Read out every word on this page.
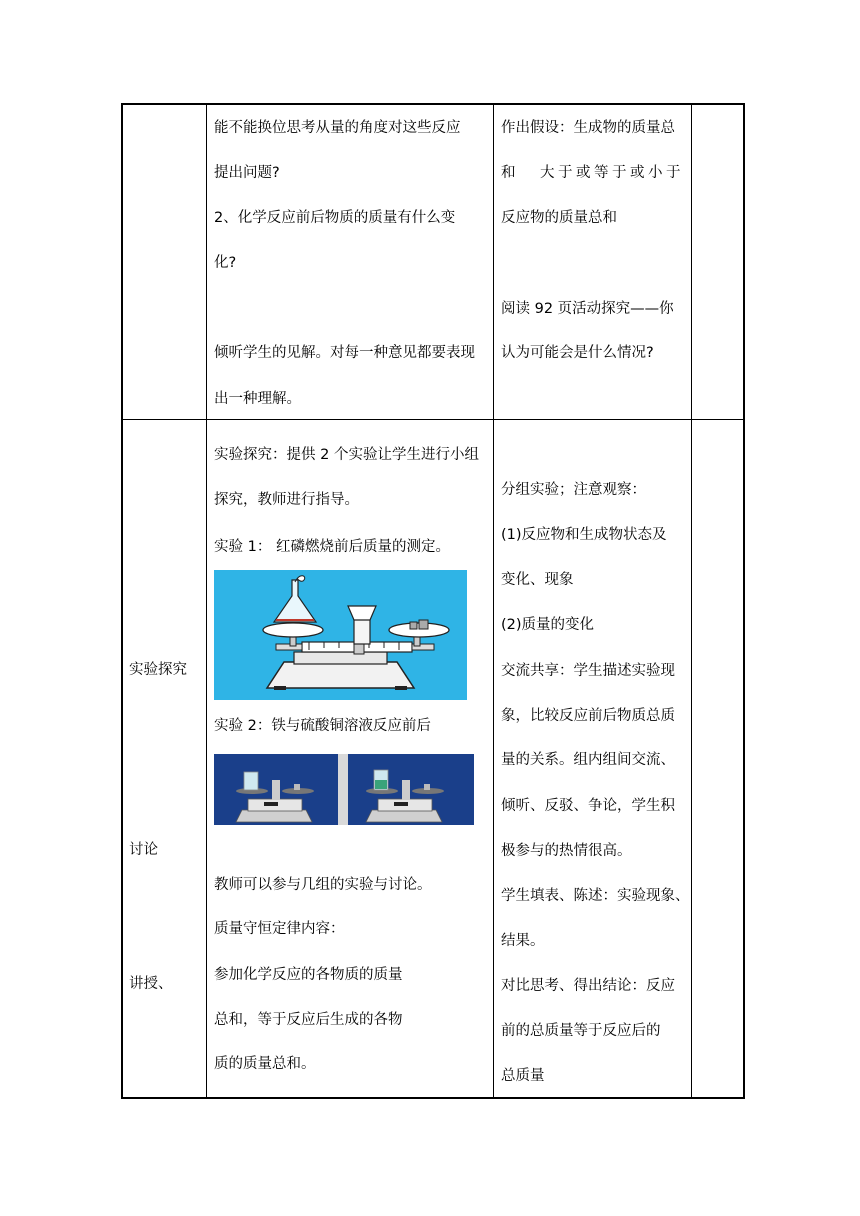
能不能换位思考从量的角度对这些反应
提出问题?
2、化学反应前后物质的质量有什么变
化?
倾听学生的见解。对每一种意见都要表现
出一种理解。
作出假设：生成物的质量总
和 大于或等于或小于
反应物的质量总和
阅读 92 页活动探究——你
认为可能会是什么情况?
实验探究
讨论
讲授、
实验探究：提供 2 个实验让学生进行小组
探究，教师进行指导。
实验 1： 红磷燃烧前后质量的测定。
实验 2：铁与硫酸铜溶液反应前后
教师可以参与几组的实验与讨论。
质量守恒定律内容：
参加化学反应的各物质的质量
总和，等于反应后生成的各物
质的质量总和。
分组实验；注意观察：
(1)反应物和生成物状态及
变化、现象
(2)质量的变化
交流共享：学生描述实验现
象，比较反应前后物质总质
量的关系。组内组间交流、
倾听、反驳、争论，学生积
极参与的热情很高。
学生填表、陈述：实验现象、
结果。
对比思考、得出结论：反应
前的总质量等于反应后的
总质量
